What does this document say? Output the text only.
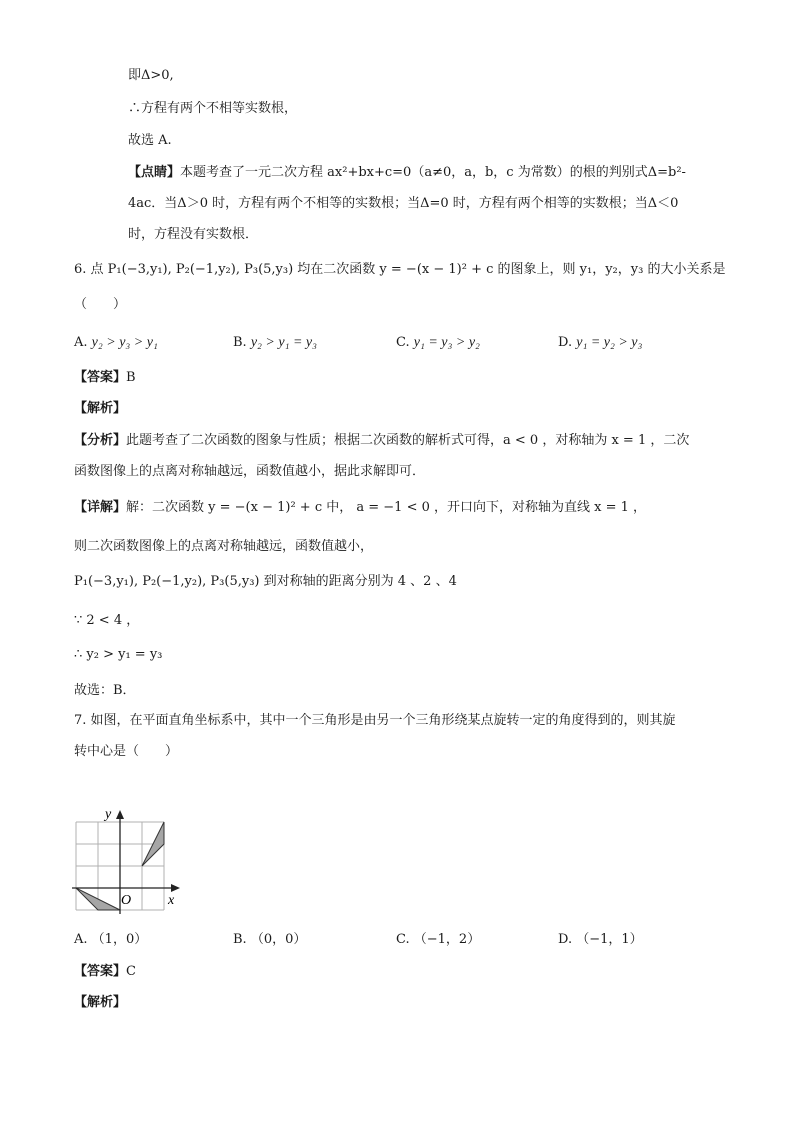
即Δ>0,
∴方程有两个不相等实数根，
故选 A.
【点睛】本题考查了一元二次方程 ax²+bx+c=0（a≠0，a，b，c 为常数）的根的判别式Δ=b²-
4ac．当Δ＞0 时，方程有两个不相等的实数根；当Δ=0 时，方程有两个相等的实数根；当Δ＜0
时，方程没有实数根．
6. 点 P₁(−3,y₁), P₂(−1,y₂), P₃(5,y₃) 均在二次函数 y = −(x − 1)² + c 的图象上，则 y₁，y₂，y₃ 的大小关系是
（　　）
A. y₂ > y₃ > y₁	B. y₂ > y₁ = y₃	C. y₁ = y₃ > y₂	D. y₁ = y₂ > y₃
【答案】B
【解析】
【分析】此题考查了二次函数的图象与性质；根据二次函数的解析式可得，a < 0 ，对称轴为 x = 1 ，二次
函数图像上的点离对称轴越远，函数值越小，据此求解即可．
【详解】解：二次函数 y = −(x − 1)² + c 中， a = −1 < 0 ，开口向下，对称轴为直线 x = 1 ，
则二次函数图像上的点离对称轴越远，函数值越小，
P₁(−3,y₁), P₂(−1,y₂), P₃(5,y₃) 到对称轴的距离分别为 4 、2 、4
∵ 2 < 4 ，
∴ y₂ > y₁ = y₃
故选：B．
7. 如图，在平面直角坐标系中，其中一个三角形是由另一个三角形绕某点旋转一定的角度得到的，则其旋
转中心是（　　）
x
y
O
A. （1，0）	B. （0，0）	C. （−1，2）	D. （−1，1）
【答案】C
【解析】
